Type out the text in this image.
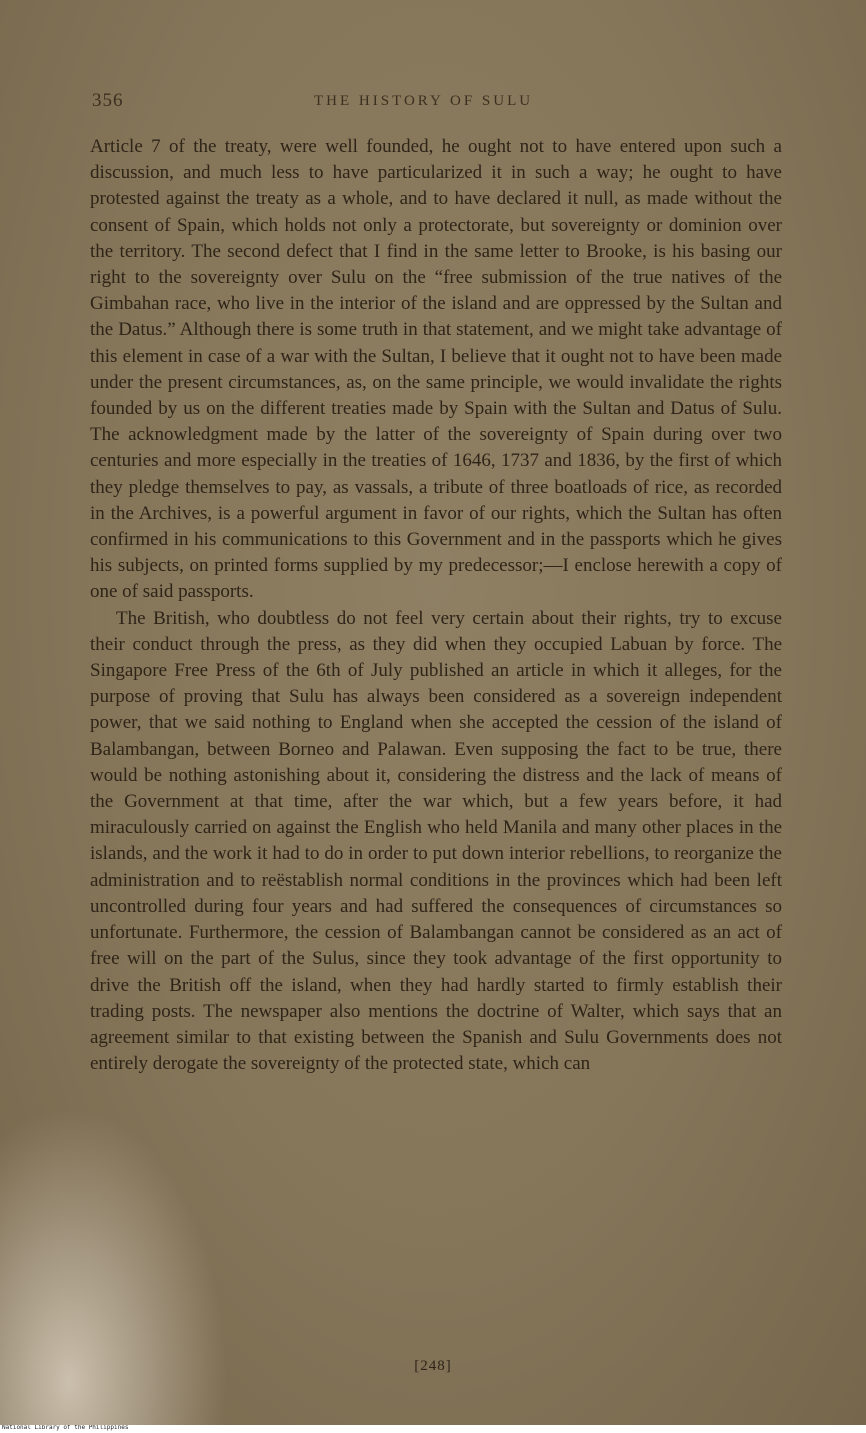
356	THE HISTORY OF SULU

Article 7 of the treaty, were well founded, he ought not to have entered upon such a discussion, and much less to have particularized it in such a way; he ought to have protested against the treaty as a whole, and to have declared it null, as made without the consent of Spain, which holds not only a protectorate, but sovereignty or dominion over the territory. The second defect that I find in the same letter to Brooke, is his basing our right to the sovereignty over Sulu on the “free submission of the true natives of the Gimbahan race, who live in the interior of the island and are oppressed by the Sultan and the Datus.” Although there is some truth in that statement, and we might take advantage of this element in case of a war with the Sultan, I believe that it ought not to have been made under the present circumstances, as, on the same principle, we would invalidate the rights founded by us on the different treaties made by Spain with the Sultan and Datus of Sulu. The acknowledgment made by the latter of the sovereignty of Spain during over two centuries and more especially in the treaties of 1646, 1737 and 1836, by the first of which they pledge themselves to pay, as vassals, a tribute of three boatloads of rice, as recorded in the Archives, is a powerful argument in favor of our rights, which the Sultan has often confirmed in his communications to this Government and in the passports which he gives his subjects, on printed forms supplied by my predecessor;—I enclose herewith a copy of one of said passports.

The British, who doubtless do not feel very certain about their rights, try to excuse their conduct through the press, as they did when they occupied Labuan by force. The Singapore Free Press of the 6th of July published an article in which it alleges, for the purpose of proving that Sulu has always been considered as a sovereign independent power, that we said nothing to England when she accepted the cession of the island of Balambangan, between Borneo and Palawan. Even supposing the fact to be true, there would be nothing astonishing about it, considering the distress and the lack of means of the Government at that time, after the war which, but a few years before, it had miraculously carried on against the English who held Manila and many other places in the islands, and the work it had to do in order to put down interior rebellions, to reorganize the administration and to reëstablish normal conditions in the provinces which had been left uncontrolled during four years and had suffered the consequences of circumstances so unfortunate. Furthermore, the cession of Balambangan cannot be considered as an act of free will on the part of the Sulus, since they took advantage of the first opportunity to drive the British off the island, when they had hardly started to firmly establish their trading posts. The newspaper also mentions the doctrine of Walter, which says that an agreement similar to that existing between the Spanish and Sulu Governments does not entirely derogate the sovereignty of the protected state, which can

[248]
National Library of the Philippines
